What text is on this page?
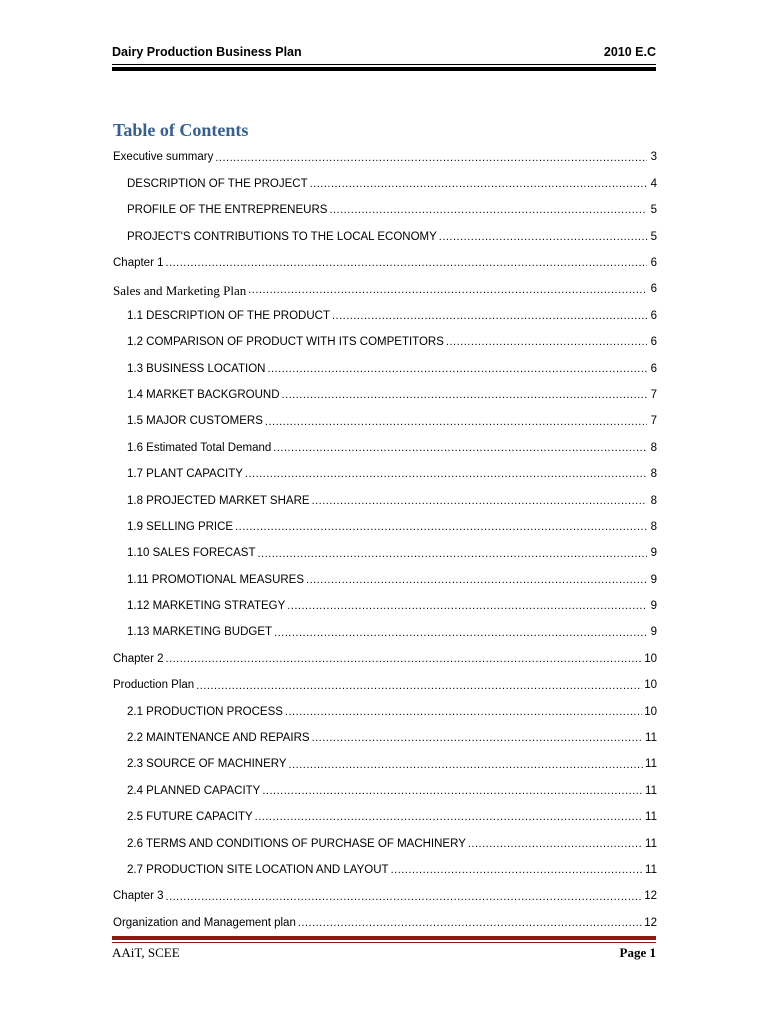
Dairy Production Business Plan	2010 E.C
Table of Contents
Executive summary .....	3
DESCRIPTION OF THE PROJECT .....	4
PROFILE OF THE ENTREPRENEURS .....	5
PROJECT'S CONTRIBUTIONS TO THE LOCAL ECONOMY .....	5
Chapter 1 .....	6
Sales and Marketing Plan .....	6
1.1 DESCRIPTION OF THE PRODUCT .....	6
1.2 COMPARISON OF PRODUCT WITH ITS COMPETITORS .....	6
1.3 BUSINESS LOCATION .....	6
1.4 MARKET BACKGROUND .....	7
1.5 MAJOR CUSTOMERS .....	7
1.6 Estimated Total Demand .....	8
1.7 PLANT CAPACITY .....	8
1.8 PROJECTED MARKET SHARE .....	8
1.9 SELLING PRICE .....	8
1.10 SALES FORECAST .....	9
1.11 PROMOTIONAL MEASURES .....	9
1.12 MARKETING STRATEGY .....	9
1.13 MARKETING BUDGET .....	9
Chapter 2 .....	10
Production Plan .....	10
2.1 PRODUCTION PROCESS .....	10
2.2 MAINTENANCE AND REPAIRS .....	11
2.3 SOURCE OF MACHINERY .....	11
2.4 PLANNED CAPACITY .....	11
2.5 FUTURE CAPACITY .....	11
2.6 TERMS AND CONDITIONS OF PURCHASE OF MACHINERY .....	11
2.7 PRODUCTION SITE LOCATION AND LAYOUT .....	11
Chapter 3 .....	12
Organization and Management plan .....	12
AAiT, SCEE	Page 1
